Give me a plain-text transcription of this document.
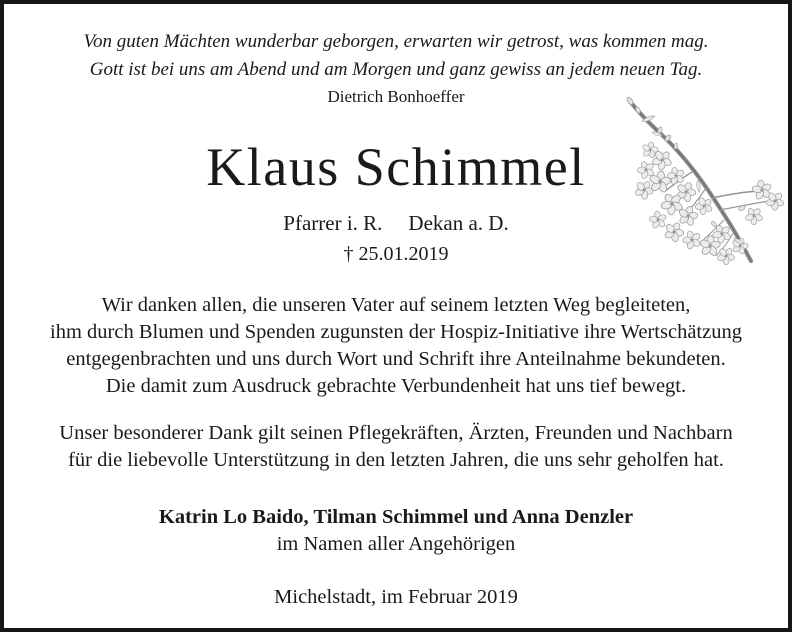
Von guten Mächten wunderbar geborgen, erwarten wir getrost, was kommen mag.
Gott ist bei uns am Abend und am Morgen und ganz gewiss an jedem neuen Tag.
Dietrich Bonhoeffer
Klaus Schimmel
Pfarrer i. R. Dekan a. D.
† 25.01.2019
Wir danken allen, die unseren Vater auf seinem letzten Weg begleiteten,
ihm durch Blumen und Spenden zugunsten der Hospiz-Initiative ihre Wertschätzung
entgegenbrachten und uns durch Wort und Schrift ihre Anteilnahme bekundeten.
Die damit zum Ausdruck gebrachte Verbundenheit hat uns tief bewegt.
Unser besonderer Dank gilt seinen Pflegekräften, Ärzten, Freunden und Nachbarn
für die liebevolle Unterstützung in den letzten Jahren, die uns sehr geholfen hat.
Katrin Lo Baido, Tilman Schimmel und Anna Denzler
im Namen aller Angehörigen
Michelstadt, im Februar 2019
